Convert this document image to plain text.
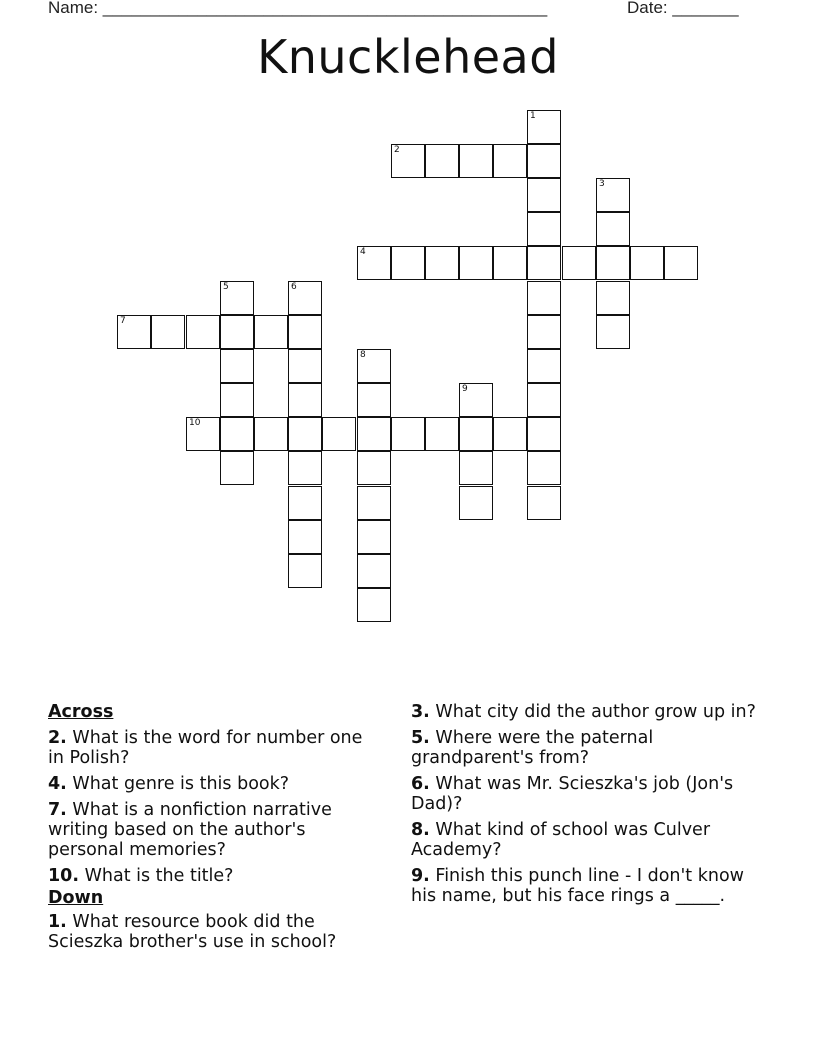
Name: _______________________________________________	Date: _______
Knucklehead
1
2
3
4
5	6
7
8
9
10
Across
2. What is the word for number one in Polish?
4. What genre is this book?
7. What is a nonfiction narrative writing based on the author's personal memories?
10. What is the title?
Down
1. What resource book did the Scieszka brother's use in school?
3. What city did the author grow up in?
5. Where were the paternal grandparent's from?
6. What was Mr. Scieszka's job (Jon's Dad)?
8. What kind of school was Culver Academy?
9. Finish this punch line - I don't know his name, but his face rings a _____.
